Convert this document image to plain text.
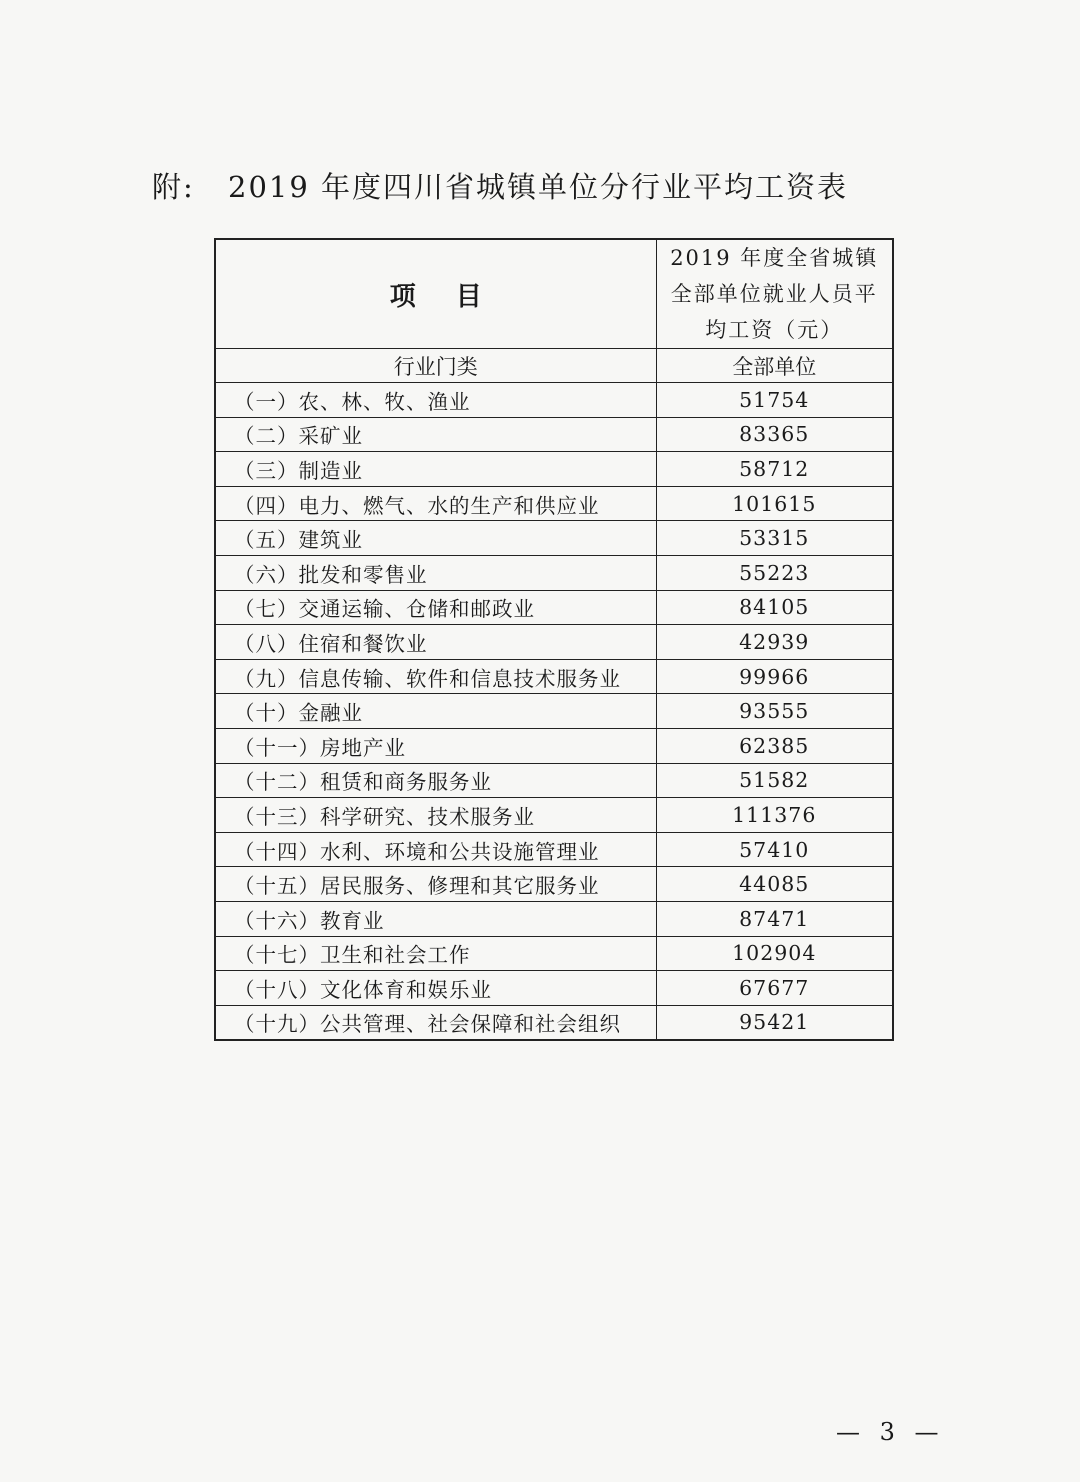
附: 2019 年度四川省城镇单位分行业平均工资表
项目	2019 年度全省城镇全部单位就业人员平均工资（元）
行业门类	全部单位
（一）农、林、牧、渔业	51754
（二）采矿业	83365
（三）制造业	58712
（四）电力、燃气、水的生产和供应业	101615
（五）建筑业	53315
（六）批发和零售业	55223
（七）交通运输、仓储和邮政业	84105
（八）住宿和餐饮业	42939
（九）信息传输、软件和信息技术服务业	99966
（十）金融业	93555
（十一）房地产业	62385
（十二）租赁和商务服务业	51582
（十三）科学研究、技术服务业	111376
（十四）水利、环境和公共设施管理业	57410
（十五）居民服务、修理和其它服务业	44085
（十六）教育业	87471
（十七）卫生和社会工作	102904
（十八）文化体育和娱乐业	67677
（十九）公共管理、社会保障和社会组织	95421
— 3 —
